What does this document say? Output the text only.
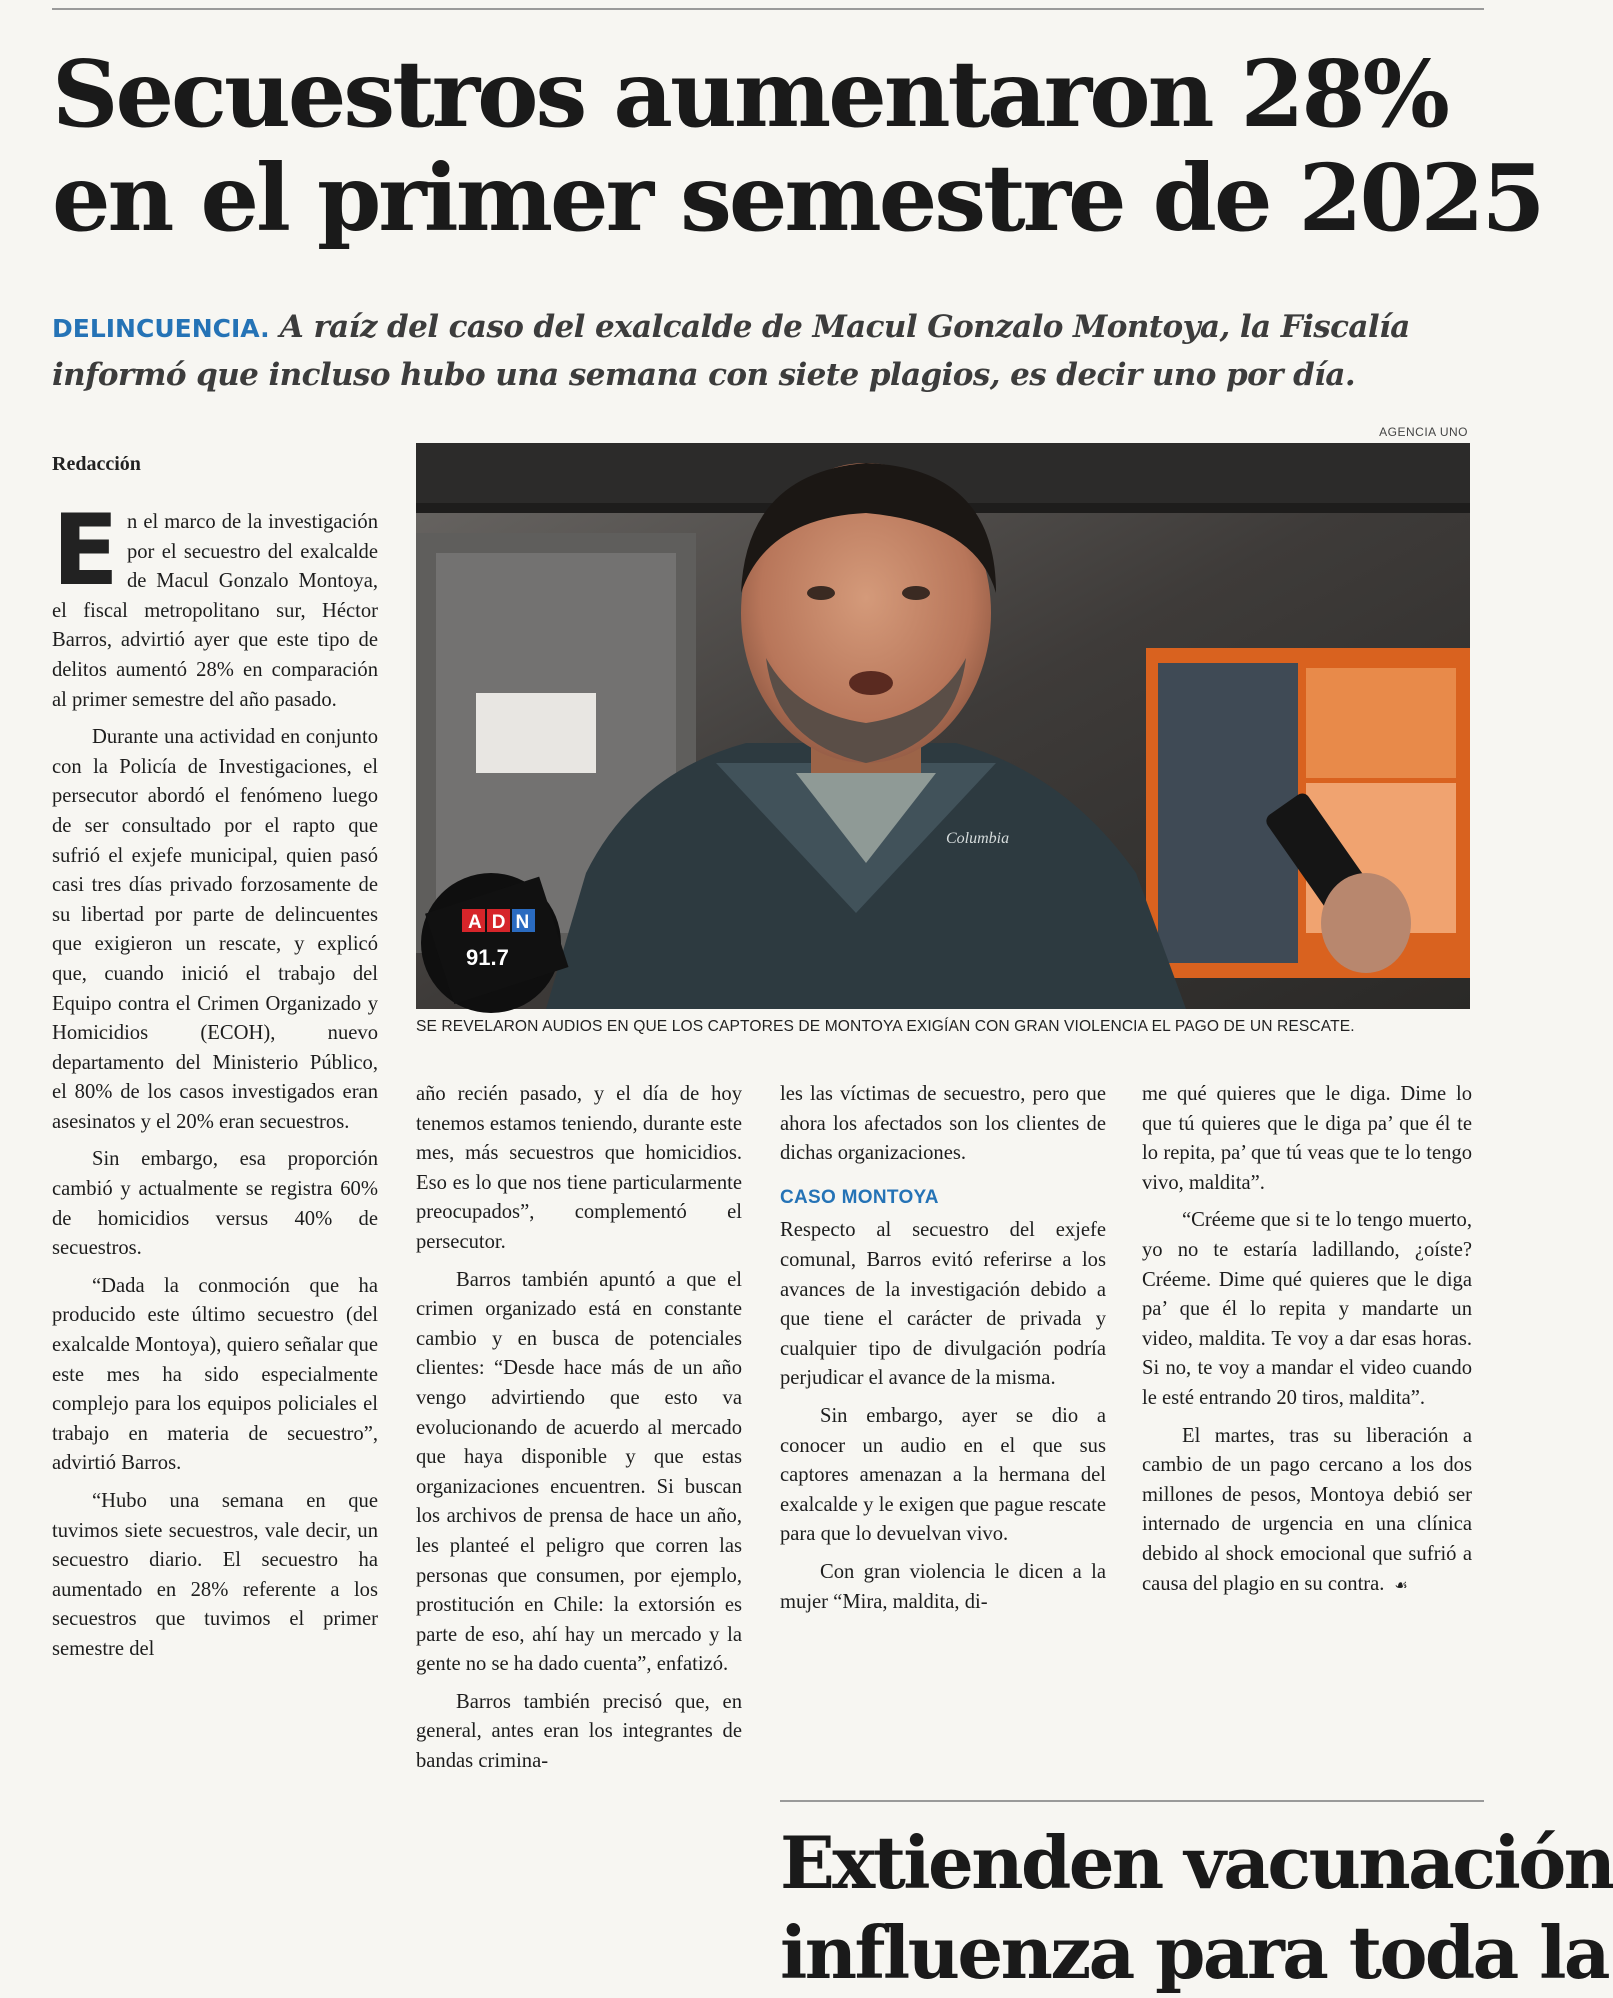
Secuestros aumentaron 28%
en el primer semestre de 2025
DELINCUENCIA. A raíz del caso del exalcalde de Macul Gonzalo Montoya, la Fiscalía informó que incluso hubo una semana con siete plagios, es decir uno por día.
AGENCIA UNO
Redacción

En el marco de la investigación por el secuestro del exalcalde de Macul Gonzalo Montoya, el fiscal metropolitano sur, Héctor Barros, advirtió ayer que este tipo de delitos aumentó 28% en comparación al primer semestre del año pasado.

Durante una actividad en conjunto con la Policía de Investigaciones, el persecutor abordó el fenómeno luego de ser consultado por el rapto que sufrió el exjefe municipal, quien pasó casi tres días privado forzosamente de su libertad por parte de delincuentes que exigieron un rescate, y explicó que, cuando inició el trabajo del Equipo contra el Crimen Organizado y Homicidios (ECOH), nuevo departamento del Ministerio Público, el 80% de los casos investigados eran asesinatos y el 20% eran secuestros.

Sin embargo, esa proporción cambió y actualmente se registra 60% de homicidios versus 40% de secuestros.

“Dada la conmoción que ha producido este último secuestro (del exalcalde Montoya), quiero señalar que este mes ha sido especialmente complejo para los equipos policiales el trabajo en materia de secuestro”, advirtió Barros.

“Hubo una semana en que tuvimos siete secuestros, vale decir, un secuestro diario. El secuestro ha aumentado en 28% referente a los secuestros que tuvimos el primer semestre del

ADN
91.7
Columbia
SE REVELARON AUDIOS EN QUE LOS CAPTORES DE MONTOYA EXIGÍAN CON GRAN VIOLENCIA EL PAGO DE UN RESCATE.

año recién pasado, y el día de hoy tenemos estamos teniendo, durante este mes, más secuestros que homicidios. Eso es lo que nos tiene particularmente preocupados”, complementó el persecutor.

Barros también apuntó a que el crimen organizado está en constante cambio y en busca de potenciales clientes: “Desde hace más de un año vengo advirtiendo que esto va evolucionando de acuerdo al mercado que haya disponible y que estas organizaciones encuentren. Si buscan los archivos de prensa de hace un año, les planteé el peligro que corren las personas que consumen, por ejemplo, prostitución en Chile: la extorsión es parte de eso, ahí hay un mercado y la gente no se ha dado cuenta”, enfatizó.

Barros también precisó que, en general, antes eran los integrantes de bandas crimina-

les las víctimas de secuestro, pero que ahora los afectados son los clientes de dichas organizaciones.

CASO MONTOYA

Respecto al secuestro del exjefe comunal, Barros evitó referirse a los avances de la investigación debido a que tiene el carácter de privada y cualquier tipo de divulgación podría perjudicar el avance de la misma.

Sin embargo, ayer se dio a conocer un audio en el que sus captores amenazan a la hermana del exalcalde y le exigen que pague rescate para que lo devuelvan vivo.

Con gran violencia le dicen a la mujer “Mira, maldita, di-

me qué quieres que le diga. Dime lo que tú quieres que le diga pa’ que él te lo repita, pa’ que tú veas que te lo tengo vivo, maldita”.

“Créeme que si te lo tengo muerto, yo no te estaría ladillando, ¿oíste? Créeme. Dime qué quieres que le diga pa’ que él lo repita y mandarte un video, maldita. Te voy a dar esas horas. Si no, te voy a mandar el video cuando le esté entrando 20 tiros, maldita”.

El martes, tras su liberación a cambio de un pago cercano a los dos millones de pesos, Montoya debió ser internado de urgencia en una clínica debido al shock emocional que sufrió a causa del plagio en su contra. ☙

Extienden vacunación
influenza para toda la
